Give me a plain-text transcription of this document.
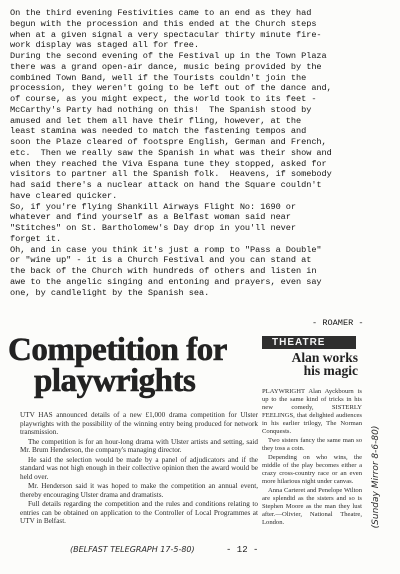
On the third evening Festivities came to an end as they had
begun with the procession and this ended at the Church steps
when at a given signal a very spectacular thirty minute fire-
work display was staged all for free.
During the second evening of the Festival up in the Town Plaza
there was a grand open-air dance, music being provided by the
combined Town Band, well if the Tourists couldn't join the
procession, they weren't going to be left out of the dance and,
of course, as you might expect, the world took to its feet -
McCarthy's Party had nothing on this!  The Spanish stood by
amused and let them all have their fling, however, at the
least stamina was needed to match the fastening tempos and
soon the Plaze cleared of footspre English, German and French,
etc.  Then we really saw the Spanish in what was their show and
when they reached the Viva Espana tune they stopped, asked for
visitors to partner all the Spanish folk.  Heavens, if somebody
had said there's a nuclear attack on hand the Square couldn't
have cleared quicker.
So, if you're flying Shankill Airways Flight No: 1690 or
whatever and find yourself as a Belfast woman said near
"Stitches" on St. Bartholomew's Day drop in you'll never
forget it.
Oh, and in case you think it's just a romp to "Pass a Double"
or "wine up" - it is a Church Festival and you can stand at
the back of the Church with hundreds of others and listen in
awe to the angelic singing and entoning and prayers, even say
one, by candlelight by the Spanish sea.
- ROAMER -
Competition for
playwrights

UTV HAS announced details of a new £1,000 drama competition for Ulster playwrights with the possibility of the winning entry being produced for network transmission.

The competition is for an hour-long drama with Ulster artists and setting, said Mr. Brum Henderson, the company's managing director.

He said the selection would be made by a panel of adjudicators and if the standard was not high enough in their collective opinion then the award would be held over.

Mr. Henderson said it was hoped to make the competition an annual event, thereby encouraging Ulster drama and dramatists.

Full details regarding the competition and the rules and conditions relating to entries can be obtained on application to the Controller of Local Programmes at UTV in Belfast.

THEATRE
Alan works
his magic

PLAYWRIGHT Alan Ayckbourn is up to the same kind of tricks in his new comedy, SISTERLY FEELINGS, that delighted audiences in his earlier trilogy, The Norman Conquests.

Two sisters fancy the same man so they toss a coin.

Depending on who wins, the middle of the play becomes either a crazy cross-country race or an even more hilarious night under canvas.

Anna Carteret and Penelope Wilton are splendid as the sisters and so is Stephen Moore as the man they lust after.—Olivier, National Theatre, London.	(Sunday Mirror 8-6-80)
(BELFAST TELEGRAPH 17-5-80)	- 12 -
